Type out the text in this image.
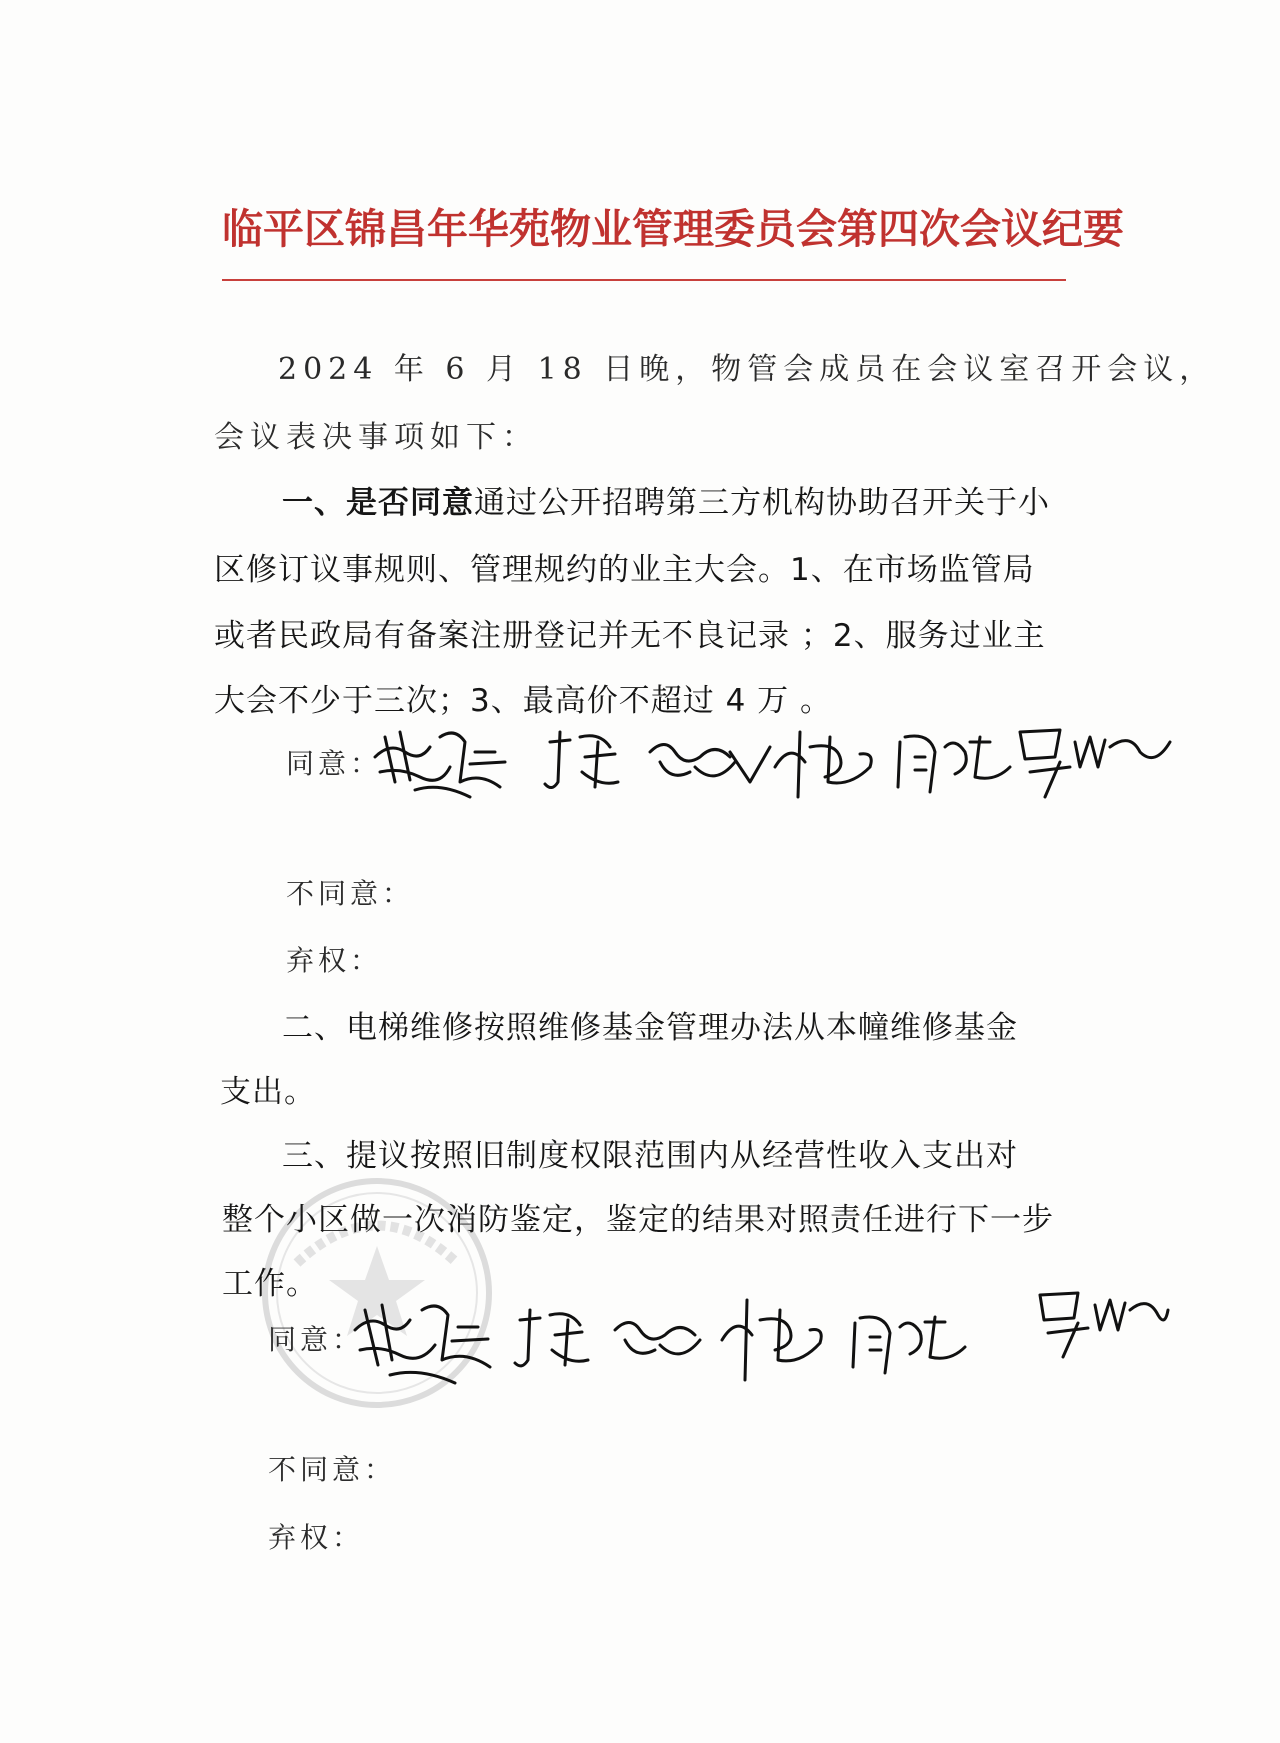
临平区锦昌年华苑物业管理委员会第四次会议纪要
2024 年 6 月 18 日晚，物管会成员在会议室召开会议，
会议表决事项如下：
一、是否同意通过公开招聘第三方机构协助召开关于小
区修订议事规则、管理规约的业主大会。1、在市场监管局
或者民政局有备案注册登记并无不良记录 ；2、服务过业主
大会不少于三次；3、最高价不超过 4 万 。
同意：
不同意：
弃权：
二、电梯维修按照维修基金管理办法从本幢维修基金
支出。
三、提议按照旧制度权限范围内从经营性收入支出对
整个小区做一次消防鉴定，鉴定的结果对照责任进行下一步
工作。
同意：
不同意：
弃权：
